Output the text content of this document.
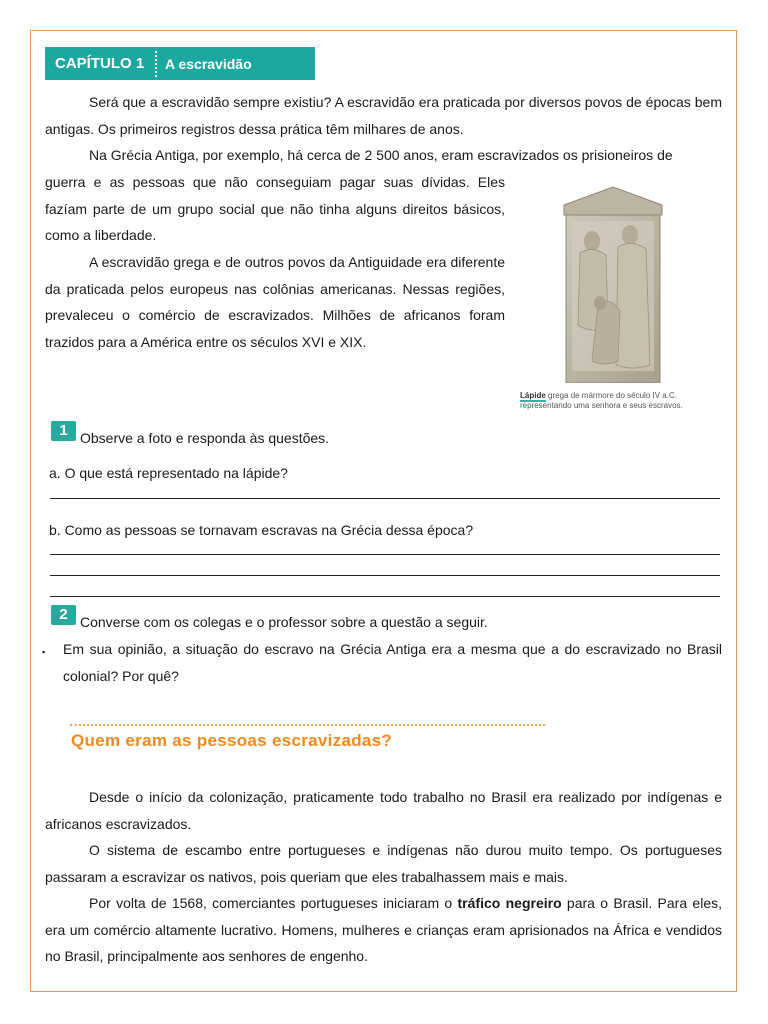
CAPÍTULO 1	A escravidão

Será que a escravidão sempre existiu? A escravidão era praticada por diversos povos de épocas bem antigas. Os primeiros registros dessa prática têm milhares de anos.

Na Grécia Antiga, por exemplo, há cerca de 2 500 anos, eram escravizados os prisioneiros de

guerra e as pessoas que não conseguiam pagar suas dívidas. Eles fazíam parte de um grupo social que não tinha alguns direitos básicos, como a liberdade.

A escravidão grega e de outros povos da Antiguidade era diferente da praticada pelos europeus nas colônias americanas. Nessas regiões, prevaleceu o comércio de escravizados. Milhões de africanos foram trazidos para a América entre os séculos XVI e XIX.

Lápide grega de mármore do século IV a.C. representando uma senhora e seus escravos.
1 Observe a foto e responda às questões.
a. O que está representado na lápide?
b. Como as pessoas se tornavam escravas na Grécia dessa época?
2 Converse com os colegas e o professor sobre a questão a seguir.
▪ Em sua opinião, a situação do escravo na Grécia Antiga era a mesma que a do escravizado no Brasil colonial? Por quê?

Quem eram as pessoas escravizadas?

Desde o início da colonização, praticamente todo trabalho no Brasil era realizado por indígenas e africanos escravizados.

O sistema de escambo entre portugueses e indígenas não durou muito tempo. Os portugueses passaram a escravizar os nativos, pois queriam que eles trabalhassem mais e mais.

Por volta de 1568, comerciantes portugueses iniciaram o tráfico negreiro para o Brasil. Para eles, era um comércio altamente lucrativo. Homens, mulheres e crianças eram aprisionados na África e vendidos no Brasil, principalmente aos senhores de engenho.
